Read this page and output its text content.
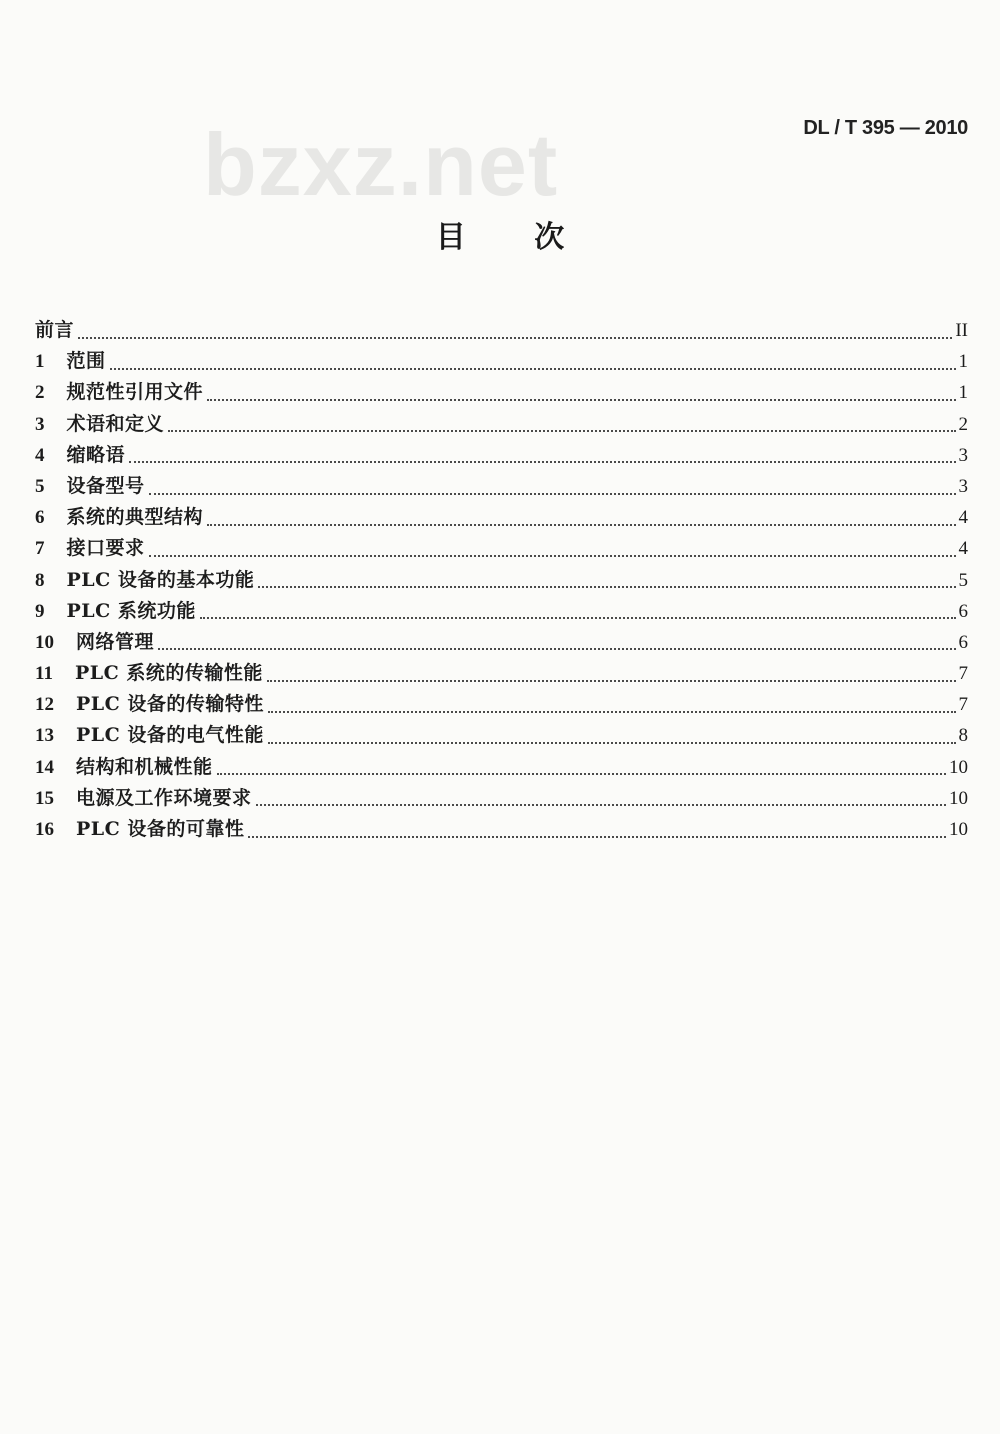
DL / T 395 — 2010
bzxz.net
目 次
前言	II
1	范围	1
2	规范性引用文件	1
3	术语和定义	2
4	缩略语	3
5	设备型号	3
6	系统的典型结构	4
7	接口要求	4
8	PLC 设备的基本功能	5
9	PLC 系统功能	6
10	网络管理	6
11	PLC 系统的传输性能	7
12	PLC 设备的传输特性	7
13	PLC 设备的电气性能	8
14	结构和机械性能	10
15	电源及工作环境要求	10
16	PLC 设备的可靠性	10
